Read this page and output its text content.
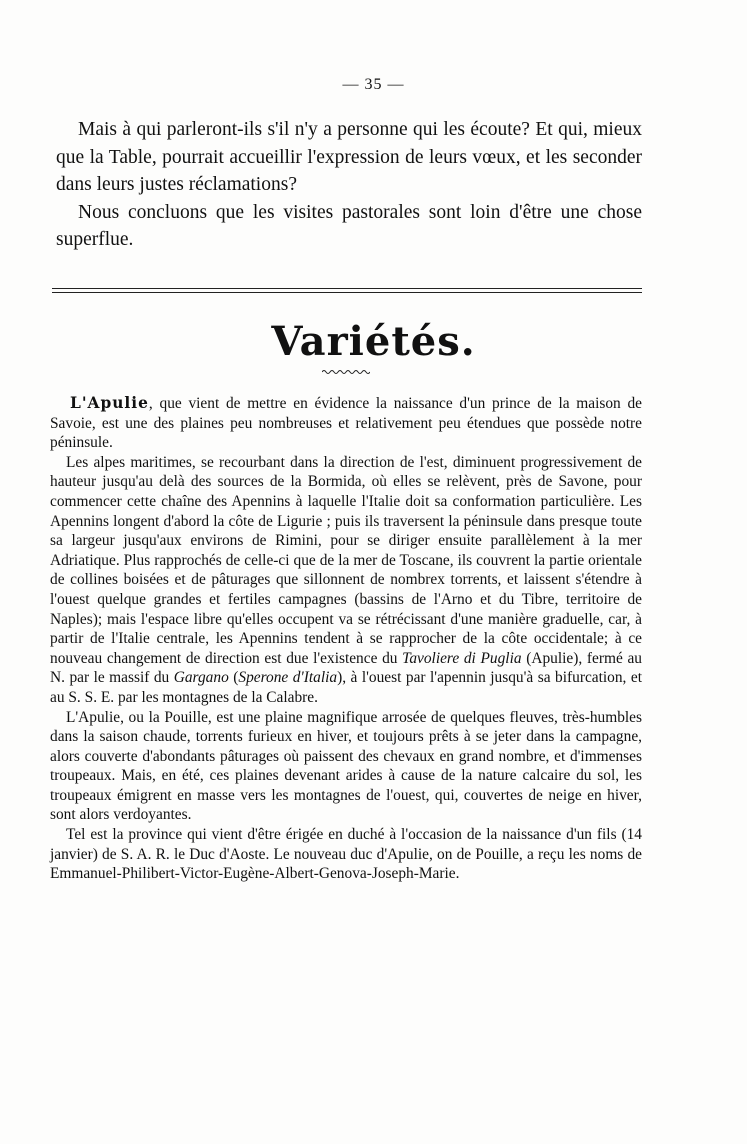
— 35 —

Mais à qui parleront-ils s'il n'y a personne qui les écoute? Et qui, mieux que la Table, pourrait accueillir l'expression de leurs vœux, et les seconder dans leurs justes réclamations?

Nous concluons que les visites pastorales sont loin d'être une chose superflue.

Variétés.

L'Apulie, que vient de mettre en évidence la naissance d'un prince de la maison de Savoie, est une des plaines peu nombreuses et relativement peu étendues que possède notre péninsule.

Les alpes maritimes, se recourbant dans la direction de l'est, diminuent progressivement de hauteur jusqu'au delà des sources de la Bormida, où elles se relèvent, près de Savone, pour commencer cette chaîne des Apennins à laquelle l'Italie doit sa conformation particulière. Les Apennins longent d'abord la côte de Ligurie ; puis ils traversent la péninsule dans presque toute sa largeur jusqu'aux environs de Rimini, pour se diriger ensuite parallèlement à la mer Adriatique. Plus rapprochés de celle-ci que de la mer de Toscane, ils couvrent la partie orientale de collines boisées et de pâturages que sillonnent de nombrex torrents, et laissent s'étendre à l'ouest quelque grandes et fertiles campagnes (bassins de l'Arno et du Tibre, territoire de Naples); mais l'espace libre qu'elles occupent va se rétrécissant d'une manière graduelle, car, à partir de l'Italie centrale, les Apennins tendent à se rapprocher de la côte occidentale; à ce nouveau changement de direction est due l'existence du Tavoliere di Puglia (Apulie), fermé au N. par le massif du Gargano (Sperone d'Italia), à l'ouest par l'apennin jusqu'à sa bifurcation, et au S. S. E. par les montagnes de la Calabre.

L'Apulie, ou la Pouille, est une plaine magnifique arrosée de quelques fleuves, très-humbles dans la saison chaude, torrents furieux en hiver, et toujours prêts à se jeter dans la campagne, alors couverte d'abondants pâturages où paissent des chevaux en grand nombre, et d'immenses troupeaux. Mais, en été, ces plaines devenant arides à cause de la nature calcaire du sol, les troupeaux émigrent en masse vers les montagnes de l'ouest, qui, couvertes de neige en hiver, sont alors verdoyantes.

Tel est la province qui vient d'être érigée en duché à l'occasion de la naissance d'un fils (14 janvier) de S. A. R. le Duc d'Aoste. Le nouveau duc d'Apulie, on de Pouille, a reçu les noms de Emmanuel-Philibert-Victor-Eugène-Albert-Genova-Joseph-Marie.
